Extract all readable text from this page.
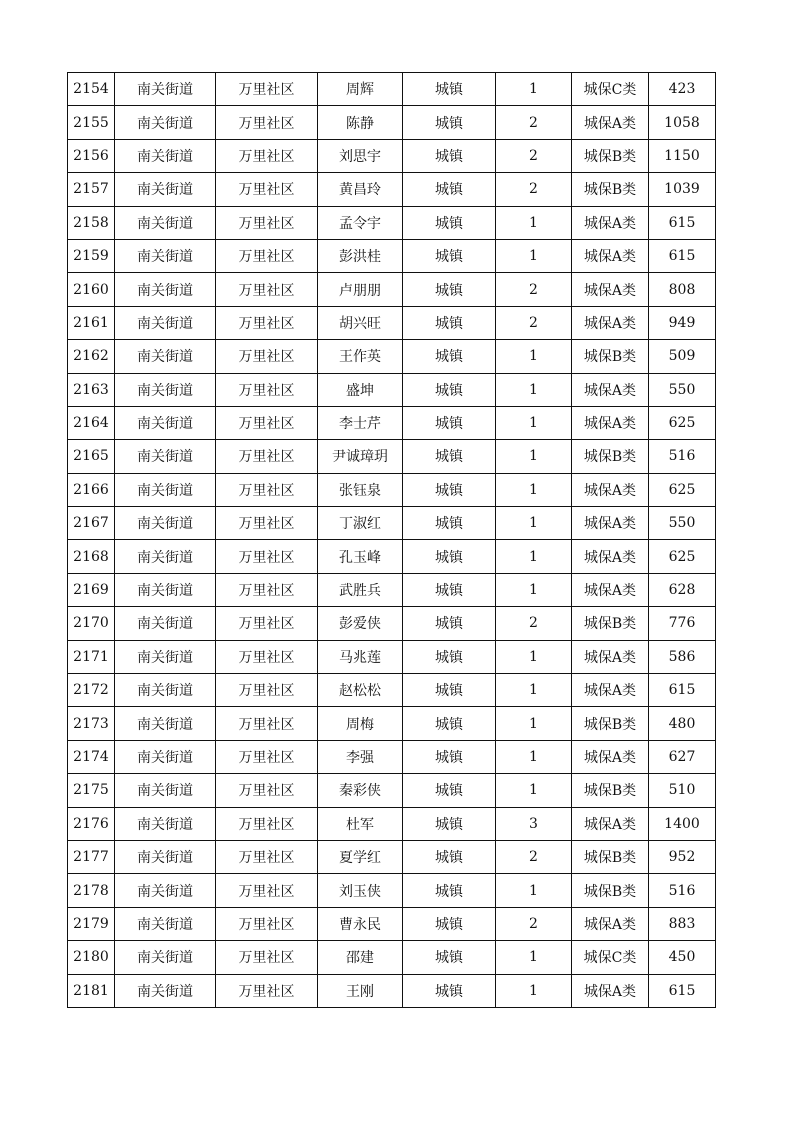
2154	南关街道	万里社区	周辉	城镇	1	城保C类	423
2155	南关街道	万里社区	陈静	城镇	2	城保A类	1058
2156	南关街道	万里社区	刘思宇	城镇	2	城保B类	1150
2157	南关街道	万里社区	黄昌玲	城镇	2	城保B类	1039
2158	南关街道	万里社区	孟令宇	城镇	1	城保A类	615
2159	南关街道	万里社区	彭洪桂	城镇	1	城保A类	615
2160	南关街道	万里社区	卢朋朋	城镇	2	城保A类	808
2161	南关街道	万里社区	胡兴旺	城镇	2	城保A类	949
2162	南关街道	万里社区	王作英	城镇	1	城保B类	509
2163	南关街道	万里社区	盛坤	城镇	1	城保A类	550
2164	南关街道	万里社区	李士芹	城镇	1	城保A类	625
2165	南关街道	万里社区	尹诚璋玥	城镇	1	城保B类	516
2166	南关街道	万里社区	张钰泉	城镇	1	城保A类	625
2167	南关街道	万里社区	丁淑红	城镇	1	城保A类	550
2168	南关街道	万里社区	孔玉峰	城镇	1	城保A类	625
2169	南关街道	万里社区	武胜兵	城镇	1	城保A类	628
2170	南关街道	万里社区	彭爱侠	城镇	2	城保B类	776
2171	南关街道	万里社区	马兆莲	城镇	1	城保A类	586
2172	南关街道	万里社区	赵松松	城镇	1	城保A类	615
2173	南关街道	万里社区	周梅	城镇	1	城保B类	480
2174	南关街道	万里社区	李强	城镇	1	城保A类	627
2175	南关街道	万里社区	秦彩侠	城镇	1	城保B类	510
2176	南关街道	万里社区	杜军	城镇	3	城保A类	1400
2177	南关街道	万里社区	夏学红	城镇	2	城保B类	952
2178	南关街道	万里社区	刘玉侠	城镇	1	城保B类	516
2179	南关街道	万里社区	曹永民	城镇	2	城保A类	883
2180	南关街道	万里社区	邵建	城镇	1	城保C类	450
2181	南关街道	万里社区	王刚	城镇	1	城保A类	615
